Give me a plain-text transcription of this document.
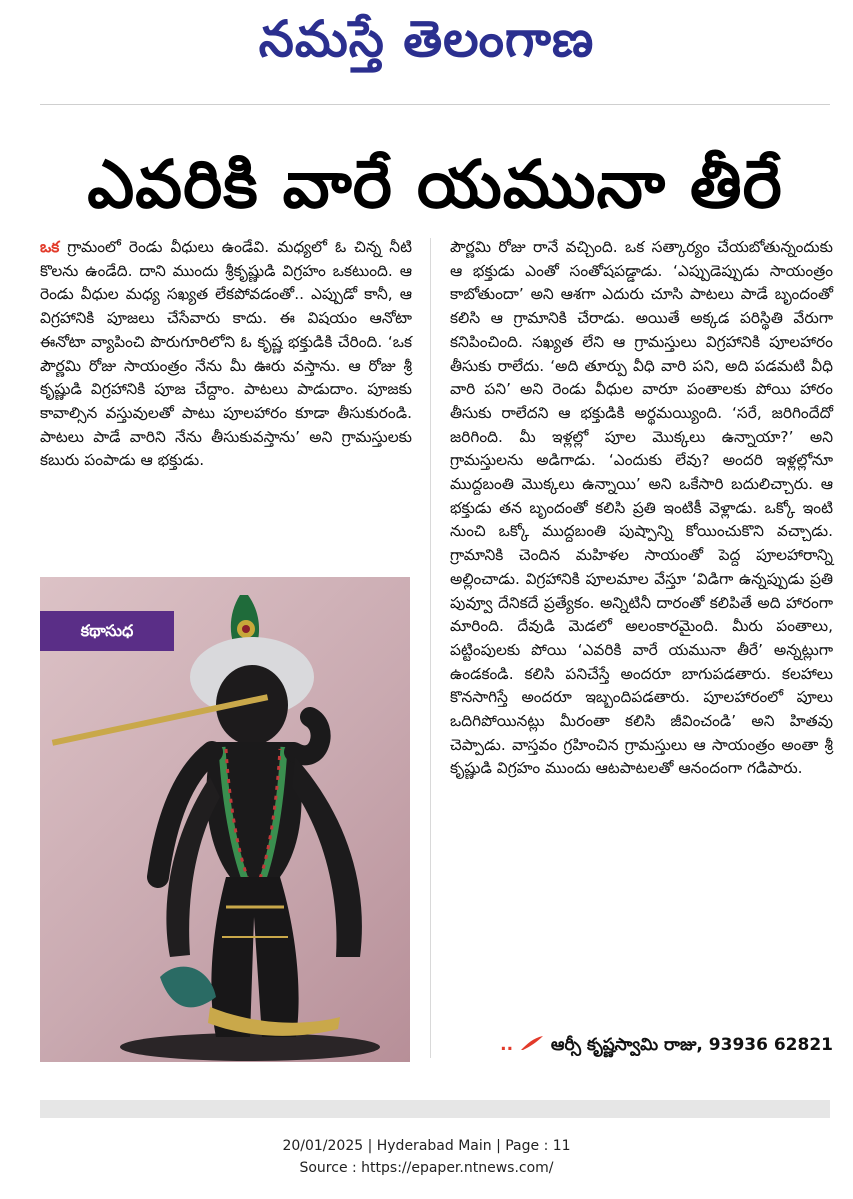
నమస్తే తెలంగాణ
ఎవరికి వారే యమునా తీరే

ఒక గ్రామంలో రెండు వీధులు ఉండేవి. మధ్యలో ఓ చిన్న నీటి కొలను ఉండేది. దాని ముందు శ్రీకృష్ణుడి విగ్రహం ఒకటుంది. ఆ రెండు వీధుల మధ్య సఖ్యత లేకపోవడంతో.. ఎప్పుడో కానీ, ఆ విగ్రహానికి పూజలు చేసేవారు కాదు. ఈ విషయం ఆనోటా ఈనోటా వ్యాపించి పొరుగూరిలోని ఓ కృష్ణ భక్తుడికి చేరింది. ‘ఒక పౌర్ణమి రోజు సాయంత్రం నేను మీ ఊరు వస్తాను. ఆ రోజు శ్రీ కృష్ణుడి విగ్రహానికి పూజ చేద్దాం. పాటలు పాడుదాం. పూజకు కావాల్సిన వస్తువులతో పాటు పూలహారం కూడా తీసుకురండి. పాటలు పాడే వారిని నేను తీసుకువస్తాను’ అని గ్రామస్తులకు కబురు పంపాడు ఆ భక్తుడు.

పౌర్ణమి రోజు రానే వచ్చింది. ఒక సత్కార్యం చేయబోతున్నందుకు ఆ భక్తుడు ఎంతో సంతోషపడ్డాడు. ‘ఎప్పుడెప్పుడు సాయంత్రం కాబోతుందా’ అని ఆశగా ఎదురు చూసి పాటలు పాడే బృందంతో కలిసి ఆ గ్రామానికి చేరాడు. అయితే అక్కడ పరిస్థితి వేరుగా కనిపించింది. సఖ్యత లేని ఆ గ్రామస్తులు విగ్రహానికి పూలహారం తీసుకు రాలేదు. ‘అది తూర్పు వీధి వారి పని, అది పడమటి వీధి వారి పని’ అని రెండు వీధుల వారూ పంతాలకు పోయి హారం తీసుకు రాలేదని ఆ భక్తుడికి అర్థమయ్యింది. ‘సరే, జరిగిందేదో జరిగింది. మీ ఇళ్లల్లో పూల మొక్కలు ఉన్నాయా?’ అని గ్రామస్తులను అడిగాడు. ‘ఎందుకు లేవు? అందరి ఇళ్లల్లోనూ ముద్దబంతి మొక్కలు ఉన్నాయి’ అని ఒకేసారి బదులిచ్చారు. ఆ భక్తుడు తన బృందంతో కలిసి ప్రతి ఇంటికీ వెళ్లాడు. ఒక్కో ఇంటి నుంచి ఒక్కో ముద్దబంతి పుష్పాన్ని కోయించుకొని వచ్చాడు. గ్రామానికి చెందిన మహిళల సాయంతో పెద్ద పూలహారాన్ని అల్లించాడు. విగ్రహానికి పూలమాల వేస్తూ ‘విడిగా ఉన్నప్పుడు ప్రతి పువ్వూ దేనికదే ప్రత్యేకం. అన్నిటినీ దారంతో కలిపితే అది హారంగా మారింది. దేవుడి మెడలో అలంకారమైంది. మీరు పంతాలు, పట్టింపులకు పోయి ‘ఎవరికి వారే యమునా తీరే’ అన్నట్లుగా ఉండకండి. కలిసి పనిచేస్తే అందరూ బాగుపడతారు. కలహాలు కొనసాగిస్తే అందరూ ఇబ్బందిపడతారు. పూలహారంలో పూలు ఒదిగిపోయినట్లు మీరంతా కలిసి జీవించండి’ అని హితవు చెప్పాడు. వాస్తవం గ్రహించిన గ్రామస్తులు ఆ సాయంత్రం అంతా శ్రీ కృష్ణుడి విగ్రహం ముందు ఆటపాటలతో ఆనందంగా గడిపారు.

కథాసుధ
.. ఆర్సీ కృష్ణస్వామి రాజు, 93936 62821
20/01/2025 | Hyderabad Main | Page : 11
Source : https://epaper.ntnews.com/
